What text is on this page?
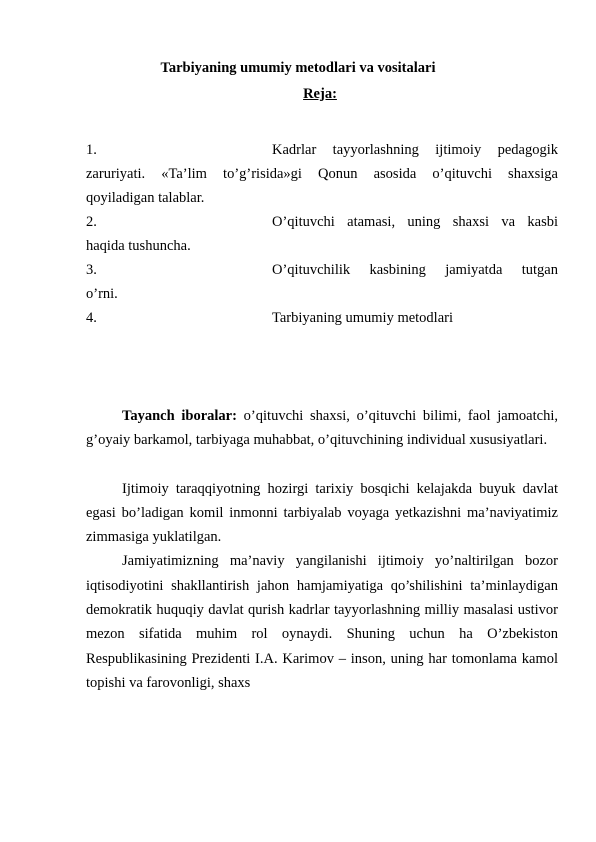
Tarbiyaning umumiy metodlari va vositalari
Reja:
1.	Kadrlar tayyorlashning ijtimoiy pedagogik
zaruriyati. «Ta’lim to’g’risida»gi Qonun asosida o’qituvchi shaxsiga
qoyiladigan talablar.
2.	O’qituvchi atamasi, uning shaxsi va kasbi
haqida tushuncha.
3.	O’qituvchilik kasbining jamiyatda tutgan
o’rni.
4.	Tarbiyaning umumiy metodlari

Tayanch iboralar: o’qituvchi shaxsi, o’qituvchi bilimi, faol jamoatchi, g’oyaiy barkamol, tarbiyaga muhabbat, o’qituvchining individual xususiyatlari.

Ijtimoiy taraqqiyotning hozirgi tarixiy bosqichi kelajakda buyuk davlat egasi bo’ladigan komil inmonni tarbiyalab voyaga yetkazishni ma’naviyatimiz zimmasiga yuklatilgan.

Jamiyatimizning ma’naviy yangilanishi ijtimoiy yo’naltirilgan bozor iqtisodiyotini shakllantirish jahon hamjamiyatiga qo’shilishini ta’minlaydigan demokratik huquqiy davlat qurish kadrlar tayyorlashning milliy masalasi ustivor mezon sifatida muhim rol oynaydi. Shuning uchun ha O’zbekiston Respublikasining Prezidenti I.A. Karimov – inson, uning har tomonlama kamol topishi va farovonligi, shaxs
